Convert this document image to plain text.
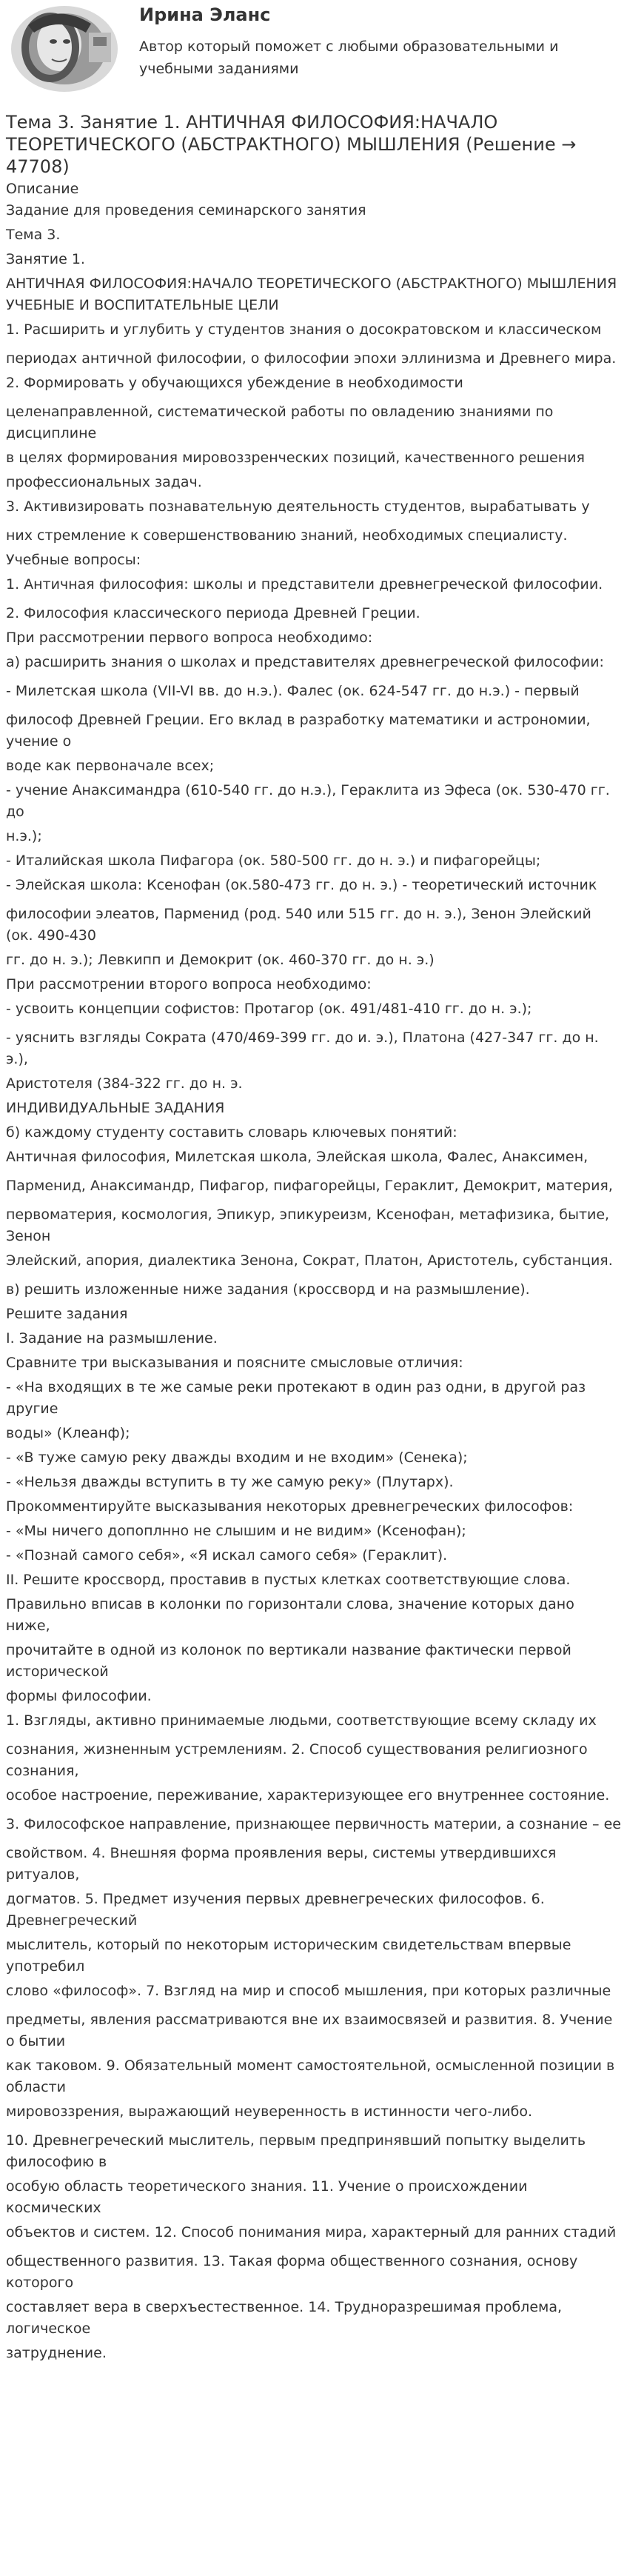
Ирина Эланс
Автор который поможет с любыми образовательными и
учебными заданиями
Тема 3. Занятие 1. АНТИЧНАЯ ФИЛОСОФИЯ:НАЧАЛО
ТЕОРЕТИЧЕСКОГО (АБСТРАКТНОГО) МЫШЛЕНИЯ (Решение →
47708)
Описание
Задание для проведения семинарского занятия
Тема 3.
Занятие 1.
АНТИЧНАЯ ФИЛОСОФИЯ:НАЧАЛО ТЕОРЕТИЧЕСКОГО (АБСТРАКТНОГО) МЫШЛЕНИЯ
УЧЕБНЫЕ И ВОСПИТАТЕЛЬНЫЕ ЦЕЛИ
1. Расширить и углубить у студентов знания о досократовском и классическом
периодах античной философии, о философии эпохи эллинизма и Древнего мира.
2. Формировать у обучающихся убеждение в необходимости
целенаправленной, систематической работы по овладению знаниями по
дисциплине
в целях формирования мировоззренческих позиций, качественного решения
профессиональных задач.
3. Активизировать познавательную деятельность студентов, вырабатывать у
них стремление к совершенствованию знаний, необходимых специалисту.
Учебные вопросы:
1. Античная философия: школы и представители древнегреческой философии.
2. Философия классического периода Древней Греции.
При рассмотрении первого вопроса необходимо:
а) расширить знания о школах и представителях древнегреческой философии:
- Милетская школа (VII-VI вв. до н.э.). Фалес (ок. 624-547 гг. до н.э.) - первый
философ Древней Греции. Его вклад в разработку математики и астрономии,
учение о
воде как первоначале всех;
- учение Анаксимандра (610-540 гг. до н.э.), Гераклита из Эфеса (ок. 530-470 гг.
до
н.э.);
- Италийская школа Пифагора (ок. 580-500 гг. до н. э.) и пифагорейцы;
- Элейская школа: Ксенофан (ок.580-473 гг. до н. э.) - теоретический источник
философии элеатов, Парменид (род. 540 или 515 гг. до н. э.), Зенон Элейский
(ок. 490-430
гг. до н. э.); Левкипп и Демокрит (ок. 460-370 гг. до н. э.)
При рассмотрении второго вопроса необходимо:
- усвоить концепции софистов: Протагор (ок. 491/481-410 гг. до н. э.);
- уяснить взгляды Сократа (470/469-399 гг. до и. э.), Платона (427-347 гг. до н.
э.),
Аристотеля (384-322 гг. до н. э.
ИНДИВИДУАЛЬНЫЕ ЗАДАНИЯ
б) каждому студенту составить словарь ключевых понятий:
Античная философия, Милетская школа, Элейская школа, Фалес, Анаксимен,
Парменид, Анаксимандр, Пифагор, пифагорейцы, Гераклит, Демокрит, материя,
первоматерия, космология, Эпикур, эпикуреизм, Ксенофан, метафизика, бытие,
Зенон
Элейский, апория, диалектика Зенона, Сократ, Платон, Аристотель, субстанция.
в) решить изложенные ниже задания (кроссворд и на размышление).
Решите задания
I. Задание на размышление.
Сравните три высказывания и поясните смысловые отличия:
- «На входящих в те же самые реки протекают в один раз одни, в другой раз
другие
воды» (Клеанф);
- «В туже самую реку дважды входим и не входим» (Сенека);
- «Нельзя дважды вступить в ту же самую реку» (Плутарх).
Прокомментируйте высказывания некоторых древнегреческих философов:
- «Мы ничего допоплнно не слышим и не видим» (Ксенофан);
- «Познай самого себя», «Я искал самого себя» (Гераклит).
II. Решите кроссворд, проставив в пустых клетках соответствующие слова.
Правильно вписав в колонки по горизонтали слова, значение которых дано
ниже,
прочитайте в одной из колонок по вертикали название фактически первой
исторической
формы философии.
1. Взгляды, активно принимаемые людьми, соответствующие всему складу их
сознания, жизненным устремлениям. 2. Способ существования религиозного
сознания,
особое настроение, переживание, характеризующее его внутреннее состояние.
3. Философское направление, признающее первичность материи, а сознание – ее
свойством. 4. Внешняя форма проявления веры, системы утвердившихся
ритуалов,
догматов. 5. Предмет изучения первых древнегреческих философов. 6.
Древнегреческий
мыслитель, который по некоторым историческим свидетельствам впервые
употребил
слово «философ». 7. Взгляд на мир и способ мышления, при которых различные
предметы, явления рассматриваются вне их взаимосвязей и развития. 8. Учение
о бытии
как таковом. 9. Обязательный момент самостоятельной, осмысленной позиции в
области
мировоззрения, выражающий неуверенность в истинности чего-либо.
10. Древнегреческий мыслитель, первым предпринявший попытку выделить
философию в
особую область теоретического знания. 11. Учение о происхождении
космических
объектов и систем. 12. Способ понимания мира, характерный для ранних стадий
общественного развития. 13. Такая форма общественного сознания, основу
которого
составляет вера в сверхъестественное. 14. Трудноразрешимая проблема,
логическое
затруднение.
